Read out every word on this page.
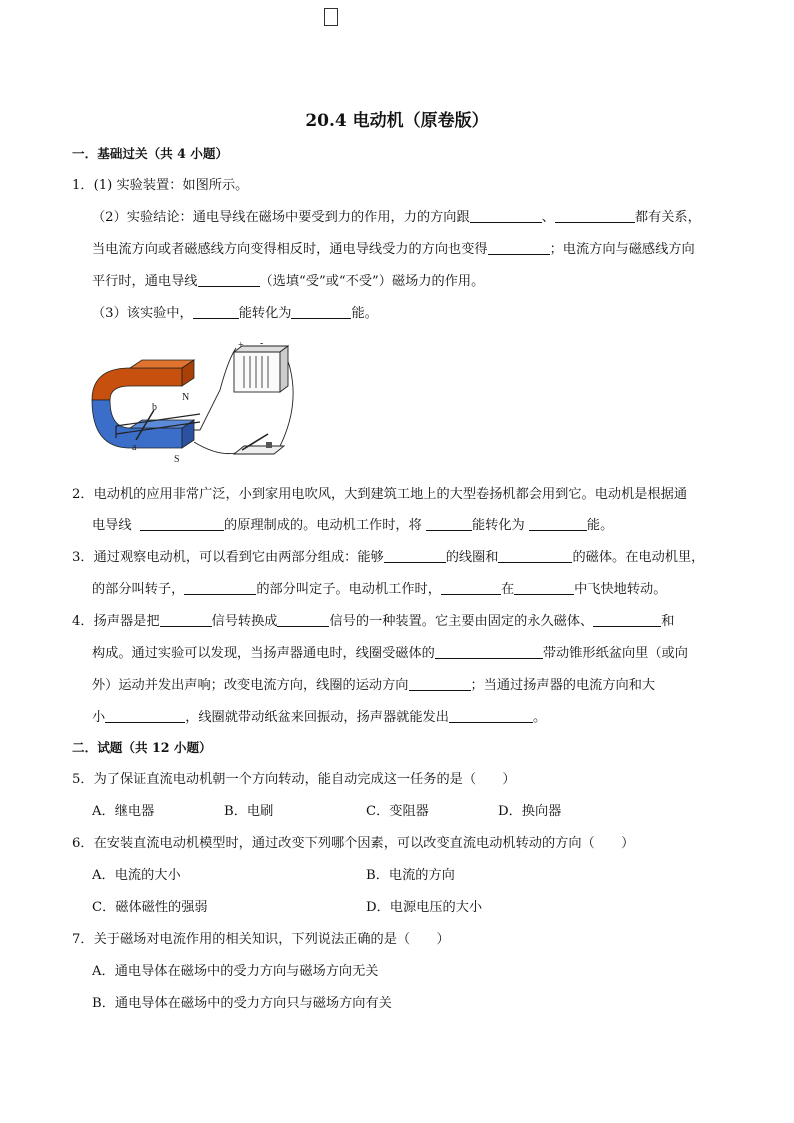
20.4 电动机（原卷版）
一．基础过关（共 4 小题）
1．(1) 实验装置：如图所示。
（2）实验结论：通电导线在磁场中要受到力的作用，力的方向跟	、	都有关系，
当电流方向或者磁感线方向变得相反时，通电导线受力的方向也变得	；电流方向与磁感线方向
平行时，通电导线	（选填“受”或“不受”）磁场力的作用。
（3）该实验中，	能转化为	能。
+ -
N
S
a
b
2．电动机的应用非常广泛，小到家用电吹风，大到建筑工地上的大型卷扬机都会用到它。电动机是根据通
电导线	的原理制成的。电动机工作时，将	能转化为	能。
3．通过观察电动机，可以看到它由两部分组成：能够	的线圈和	的磁体。在电动机里，
的部分叫转子，	的部分叫定子。电动机工作时，	在	中飞快地转动。
4．扬声器是把	信号转换成	信号的一种装置。它主要由固定的永久磁体、	和
构成。通过实验可以发现，当扬声器通电时，线圈受磁体的	带动锥形纸盆向里（或向
外）运动并发出声响；改变电流方向，线圈的运动方向	；当通过扬声器的电流方向和大
小	，线圈就带动纸盆来回振动，扬声器就能发出	。
二．试题（共 12 小题）
5．为了保证直流电动机朝一个方向转动，能自动完成这一任务的是（　　）
A．继电器	B．电刷	C．变阻器	D．换向器
6．在安装直流电动机模型时，通过改变下列哪个因素，可以改变直流电动机转动的方向（　　）
A．电流的大小	B．电流的方向
C．磁体磁性的强弱	D．电源电压的大小
7．关于磁场对电流作用的相关知识，下列说法正确的是（　　）
A．通电导体在磁场中的受力方向与磁场方向无关
B．通电导体在磁场中的受力方向只与磁场方向有关
